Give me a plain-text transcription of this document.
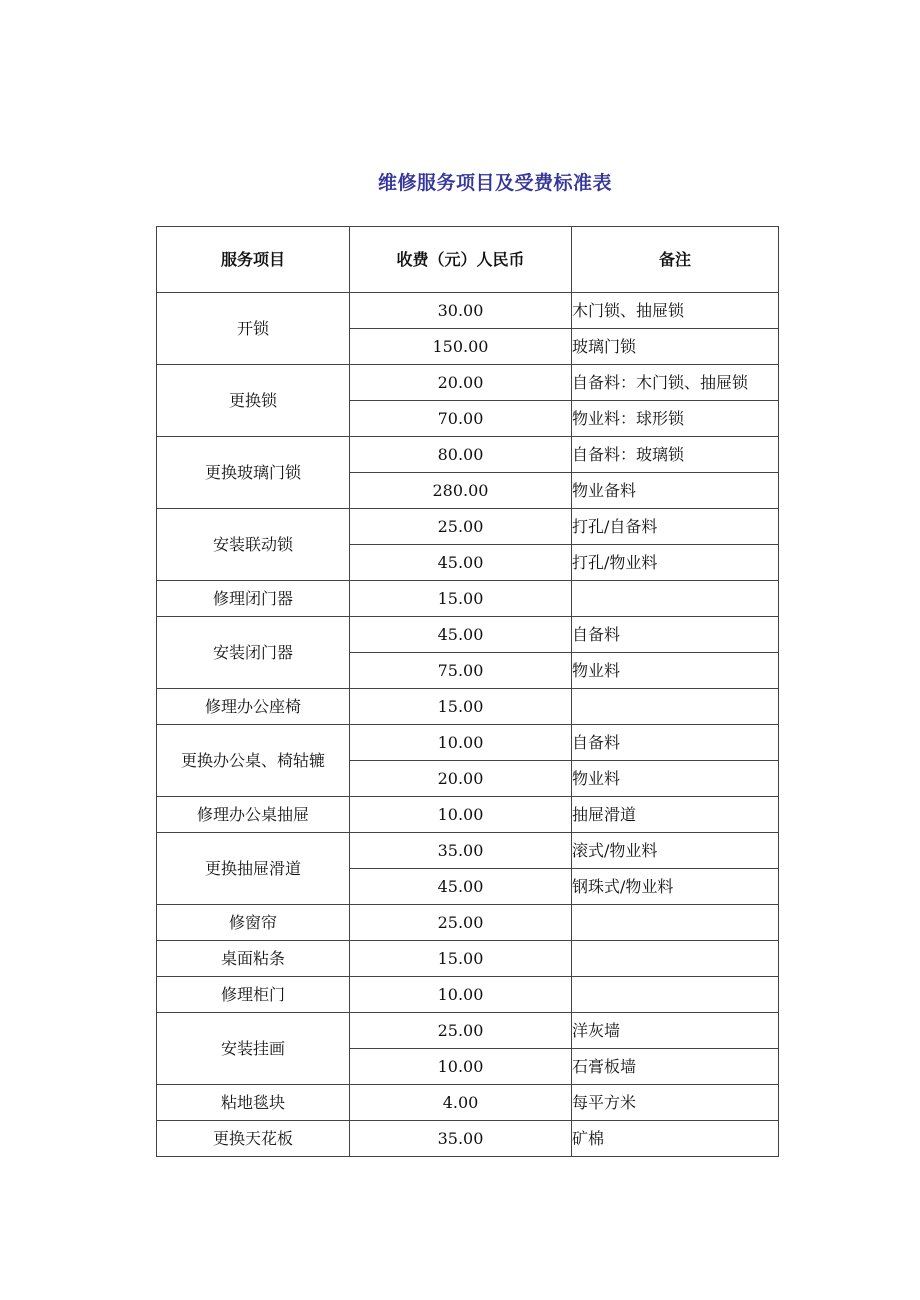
维修服务项目及受费标准表
服务项目	收费（元）人民币	备注
开锁	30.00	木门锁、抽屉锁
	150.00	玻璃门锁
更换锁	20.00	自备料：木门锁、抽屉锁
	70.00	物业料：球形锁
更换玻璃门锁	80.00	自备料：玻璃锁
	280.00	物业备料
安装联动锁	25.00	打孔/自备料
	45.00	打孔/物业料
修理闭门器	15.00	
安装闭门器	45.00	自备料
	75.00	物业料
修理办公座椅	15.00	
更换办公桌、椅轱辘	10.00	自备料
	20.00	物业料
修理办公桌抽屉	10.00	抽屉滑道
更换抽屉滑道	35.00	滚式/物业料
	45.00	钢珠式/物业料
修窗帘	25.00	
桌面粘条	15.00	
修理柜门	10.00	
安装挂画	25.00	洋灰墙
	10.00	石膏板墙
粘地毯块	4.00	每平方米
更换天花板	35.00	矿棉
